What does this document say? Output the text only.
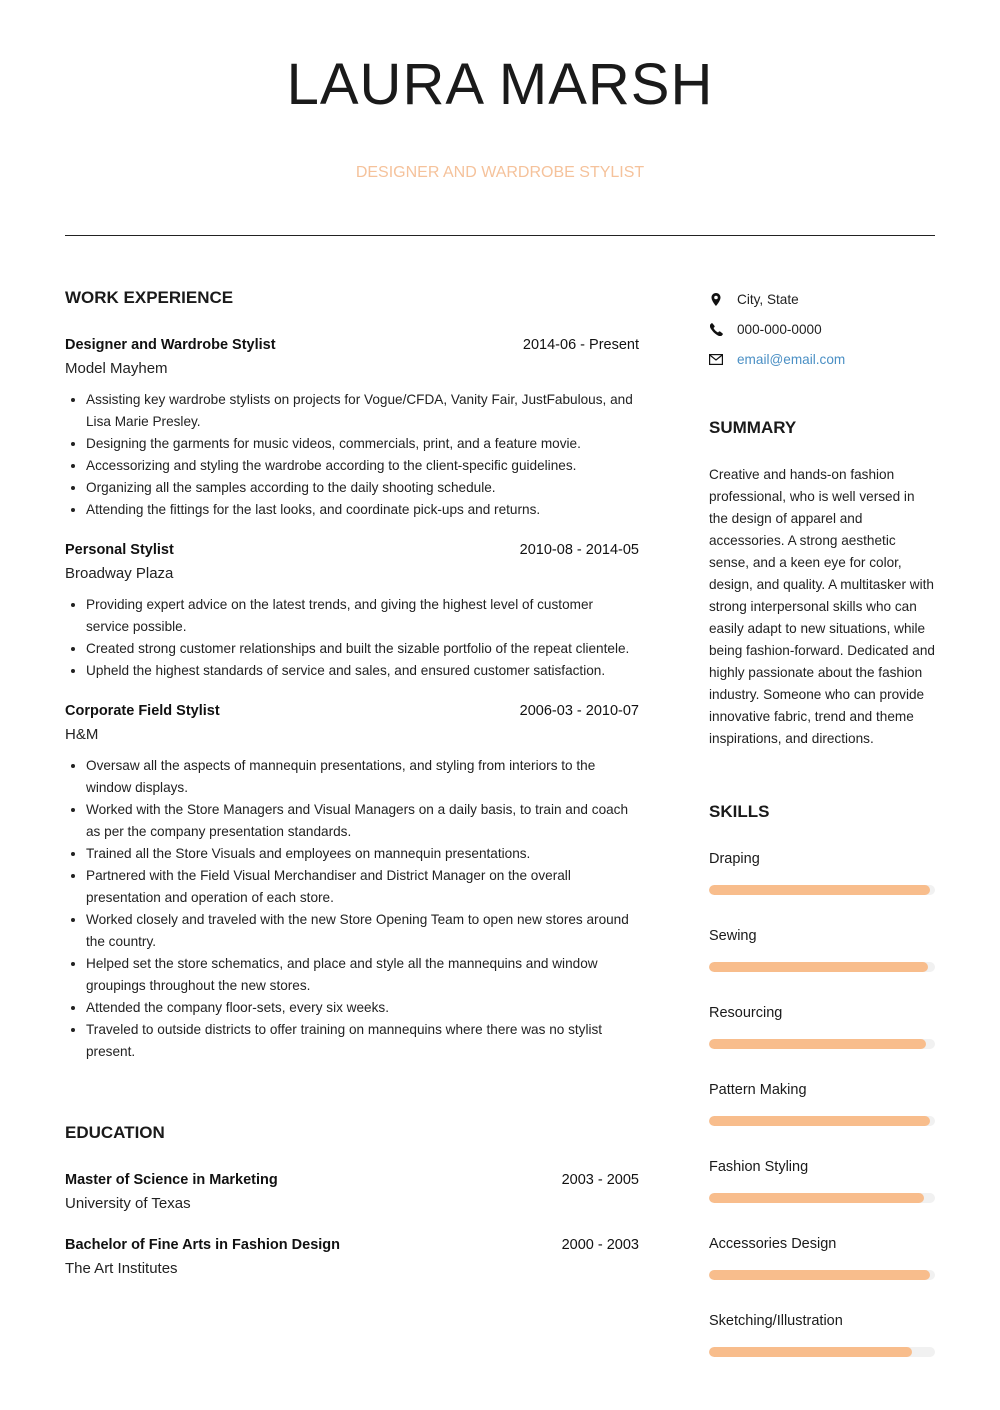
LAURA MARSH
DESIGNER AND WARDROBE STYLIST
WORK EXPERIENCE
Designer and Wardrobe Stylist	2014-06 - Present
Model Mayhem
• Assisting key wardrobe stylists on projects for Vogue/CFDA, Vanity Fair, JustFabulous, and Lisa Marie Presley.
• Designing the garments for music videos, commercials, print, and a feature movie.
• Accessorizing and styling the wardrobe according to the client-specific guidelines.
• Organizing all the samples according to the daily shooting schedule.
• Attending the fittings for the last looks, and coordinate pick-ups and returns.
Personal Stylist	2010-08 - 2014-05
Broadway Plaza
• Providing expert advice on the latest trends, and giving the highest level of customer service possible.
• Created strong customer relationships and built the sizable portfolio of the repeat clientele.
• Upheld the highest standards of service and sales, and ensured customer satisfaction.
Corporate Field Stylist	2006-03 - 2010-07
H&M
• Oversaw all the aspects of mannequin presentations, and styling from interiors to the window displays.
• Worked with the Store Managers and Visual Managers on a daily basis, to train and coach as per the company presentation standards.
• Trained all the Store Visuals and employees on mannequin presentations.
• Partnered with the Field Visual Merchandiser and District Manager on the overall presentation and operation of each store.
• Worked closely and traveled with the new Store Opening Team to open new stores around the country.
• Helped set the store schematics, and place and style all the mannequins and window groupings throughout the new stores.
• Attended the company floor-sets, every six weeks.
• Traveled to outside districts to offer training on mannequins where there was no stylist present.
EDUCATION
Master of Science in Marketing	2003 - 2005
University of Texas
Bachelor of Fine Arts in Fashion Design	2000 - 2003
The Art Institutes
City, State
000-000-0000
email@email.com
SUMMARY
Creative and hands-on fashion professional, who is well versed in the design of apparel and accessories. A strong aesthetic sense, and a keen eye for color, design, and quality. A multitasker with strong interpersonal skills who can easily adapt to new situations, while being fashion-forward. Dedicated and highly passionate about the fashion industry. Someone who can provide innovative fabric, trend and theme inspirations, and directions.
SKILLS
Draping
Sewing
Resourcing
Pattern Making
Fashion Styling
Accessories Design
Sketching/Illustration
